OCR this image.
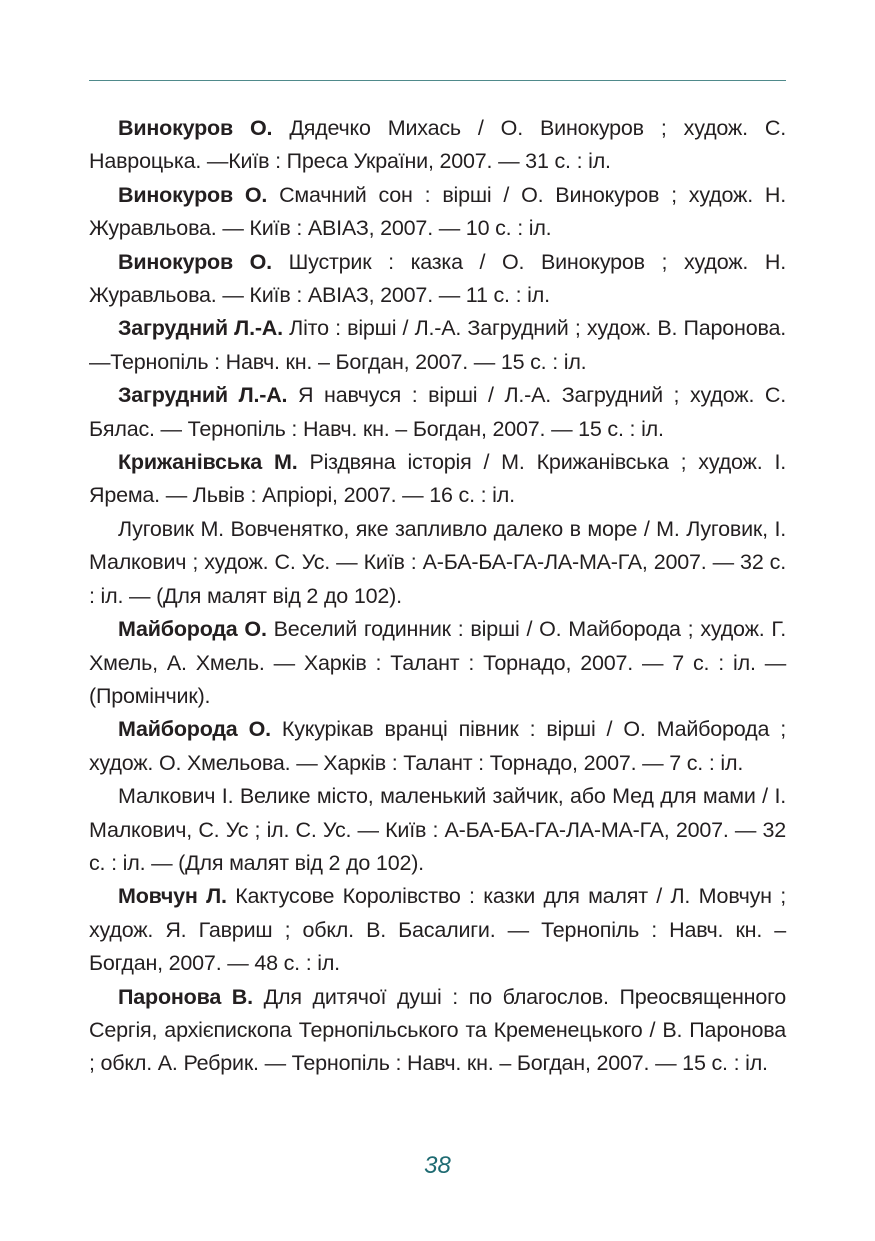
Винокуров О. Дядечко Михась / О. Винокуров ; худож. С. Навроцька. —Київ : Преса України, 2007. — 31 с. : іл.

Винокуров О. Смачний сон : вірші / О. Винокуров ; худож. Н. Журавльова. — Київ : АВІАЗ, 2007. — 10 с. : іл.

Винокуров О. Шустрик : казка / О. Винокуров ; худож. Н. Журавльова. — Київ : АВІАЗ, 2007. — 11 с. : іл.

Загрудний Л.-А. Літо : вірші / Л.-А. Загрудний ; худож. В. Паронова. —Тернопіль : Навч. кн. – Богдан, 2007. — 15 с. : іл.

Загрудний Л.-А. Я навчуся : вірші / Л.-А. Загрудний ; худож. С. Бялас. — Тернопіль : Навч. кн. – Богдан, 2007. — 15 с. : іл.

Крижанівська М. Різдвяна історія / М. Крижанівська ; худож. І. Ярема. — Львів : Апріорі, 2007. — 16 с. : іл.

Луговик М. Вовченятко, яке запливло далеко в море / М. Луговик, І. Малкович ; худож. С. Ус. — Київ : А-БА-БА-ГА-ЛА-МА-ГА, 2007. — 32 с. : іл. — (Для малят від 2 до 102).

Майборода О. Веселий годинник : вірші / О. Майборода ; худож. Г. Хмель, А. Хмель. — Харків : Талант : Торнадо, 2007. — 7 с. : іл. — (Промінчик).

Майборода О. Кукурікав вранці півник : вірші / О. Майборода ; худож. О. Хмельова. — Харків : Талант : Торнадо, 2007. — 7 с. : іл.

Малкович І. Велике місто, маленький зайчик, або Мед для мами / І. Малкович, С. Ус ; іл. С. Ус. — Київ : А-БА-БА-ГА-ЛА-МА-ГА, 2007. — 32 с. : іл. — (Для малят від 2 до 102).

Мовчун Л. Кактусове Королівство : казки для малят / Л. Мовчун ; худож. Я. Гавриш ; обкл. В. Басалиги. — Тернопіль : Навч. кн. – Богдан, 2007. — 48 с. : іл.

Паронова В. Для дитячої душі : по благослов. Преосвященного Сергія, архієпископа Тернопільського та Кременецького / В. Паронова ; обкл. А. Ребрик. — Тернопіль : Навч. кн. – Богдан, 2007. — 15 с. : іл.

38
